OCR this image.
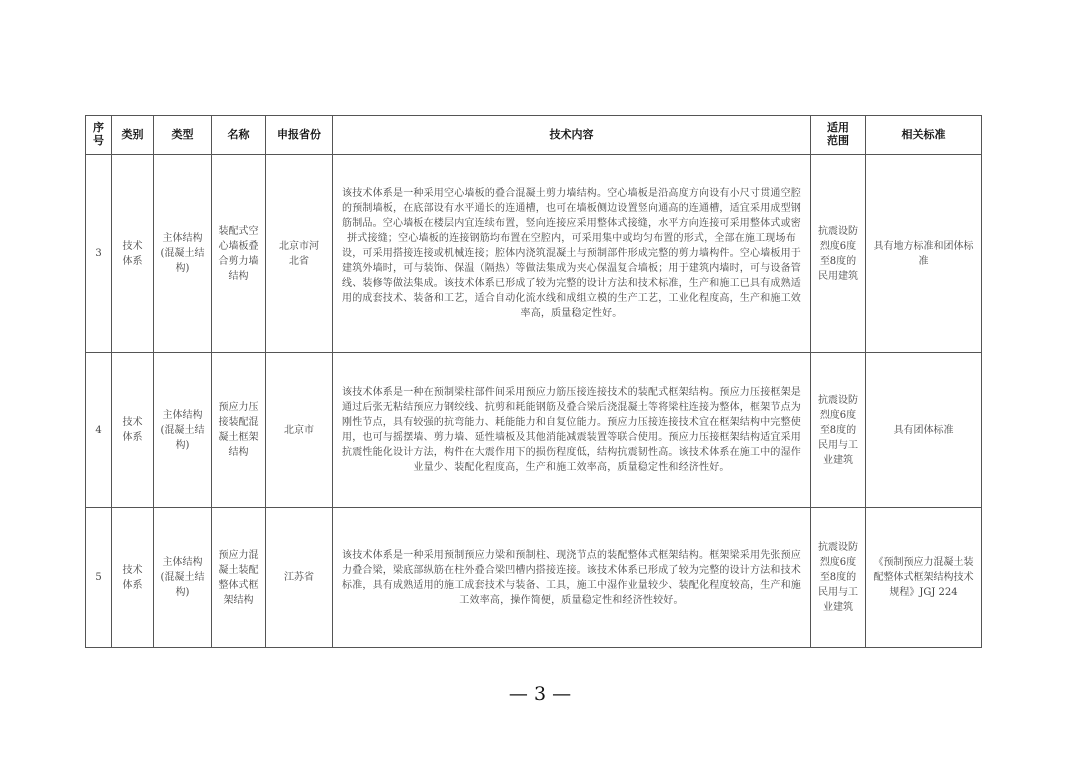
序号	类别	类型	名称	申报省份	技术内容	适用范围	相关标准
3	技术体系	主体结构(混凝土结构)	装配式空心墙板叠合剪力墙结构	北京市河北省	该技术体系是一种采用空心墙板的叠合混凝土剪力墙结构。空心墙板是沿高度方向设有小尺寸贯通空腔的预制墙板，在底部设有水平通长的连通槽，也可在墙板侧边设置竖向通高的连通槽，适宜采用成型钢筋制品。空心墙板在楼层内宜连续布置，竖向连接应采用整体式接缝，水平方向连接可采用整体式或密拼式接缝；空心墙板的连接钢筋均布置在空腔内，可采用集中或均匀布置的形式，全部在施工现场布设，可采用搭接连接或机械连接；腔体内浇筑混凝土与预制部件形成完整的剪力墙构件。空心墙板用于建筑外墙时，可与装饰、保温（隔热）等做法集成为夹心保温复合墙板；用于建筑内墙时，可与设备管线、装修等做法集成。该技术体系已形成了较为完整的设计方法和技术标准，生产和施工已具有成熟适用的成套技术、装备和工艺，适合自动化流水线和成组立模的生产工艺，工业化程度高，生产和施工效率高，质量稳定性好。	抗震设防烈度6度至8度的民用建筑	具有地方标准和团体标准
4	技术体系	主体结构(混凝土结构)	预应力压接装配混凝土框架结构	北京市	该技术体系是一种在预制梁柱部件间采用预应力筋压接连接技术的装配式框架结构。预应力压接框架是通过后张无粘结预应力钢绞线、抗剪和耗能钢筋及叠合梁后浇混凝土等将梁柱连接为整体，框架节点为刚性节点，具有较强的抗弯能力、耗能能力和自复位能力。预应力压接连接技术宜在框架结构中完整使用，也可与摇摆墙、剪力墙、延性墙板及其他消能减震装置等联合使用。预应力压接框架结构适宜采用抗震性能化设计方法，构件在大震作用下的损伤程度低，结构抗震韧性高。该技术体系在施工中的湿作业量少、装配化程度高，生产和施工效率高，质量稳定性和经济性好。	抗震设防烈度6度至8度的民用与工业建筑	具有团体标准
5	技术体系	主体结构(混凝土结构)	预应力混凝土装配整体式框架结构	江苏省	该技术体系是一种采用预制预应力梁和预制柱、现浇节点的装配整体式框架结构。框架梁采用先张预应力叠合梁，梁底部纵筋在柱外叠合梁凹槽内搭接连接。该技术体系已形成了较为完整的设计方法和技术标准，具有成熟适用的施工成套技术与装备、工具，施工中湿作业量较少、装配化程度较高，生产和施工效率高，操作简便，质量稳定性和经济性较好。	抗震设防烈度6度至8度的民用与工业建筑	《预制预应力混凝土装配整体式框架结构技术规程》JGJ 224
— 3 —
